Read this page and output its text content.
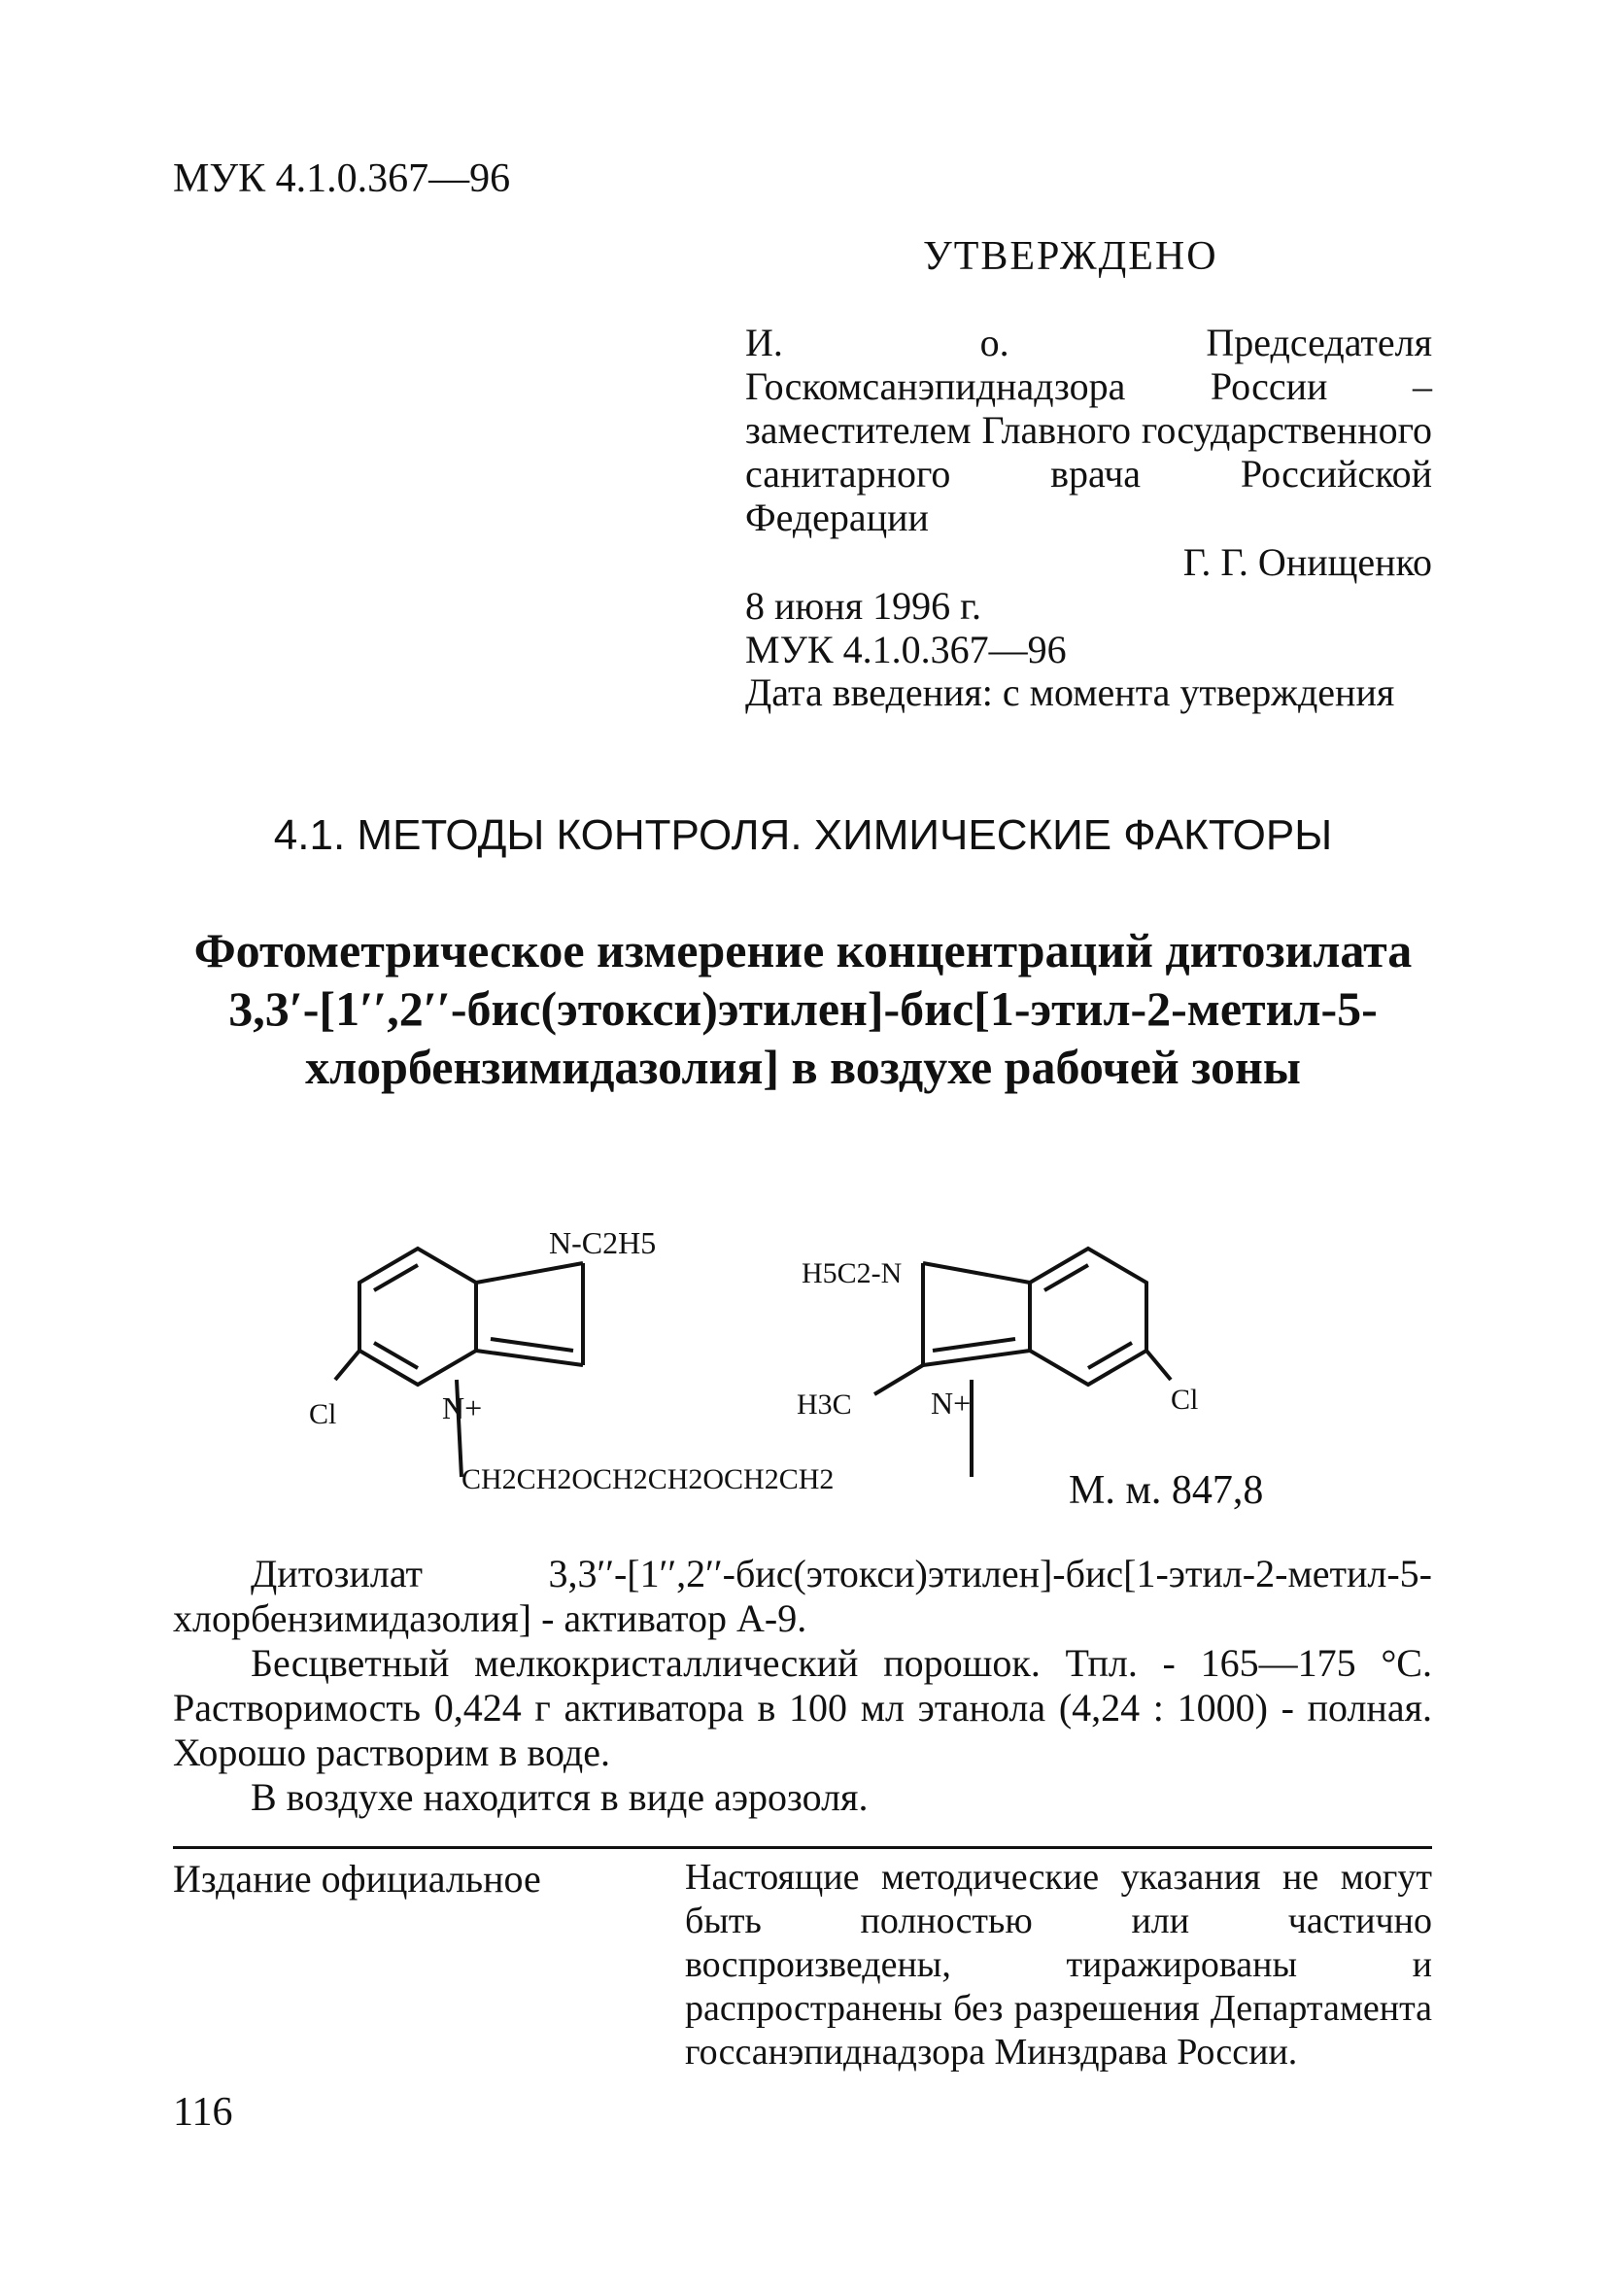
МУК 4.1.0.367—96
УТВЕРЖДЕНО
И. о. Председателя Госкомсанэпиднадзора России – заместителем Главного государственного санитарного врача Российской Федерации
Г. Г. Онищенко
8 июня 1996 г.
МУК 4.1.0.367—96
Дата введения: с момента утверждения
4.1. МЕТОДЫ КОНТРОЛЯ. ХИМИЧЕСКИЕ ФАКТОРЫ
Фотометрическое измерение концентраций дитозилата 3,3′-[1′′,2′′-бис(этокси)этилен]-бис[1-этил-2-метил-5-хлорбензимидазолия] в воздухе рабочей зоны
N-C2H5
H5C2-N
H3C
Cl	Cl
N+	N+
CH2CH2OCH2CH2OCH2CH2	М. м. 847,8

Дитозилат 3,3′′-[1′′,2′′-бис(этокси)этилен]-бис[1-этил-2-метил-5-хлорбензимидазолия] - активатор А-9.

Бесцветный мелкокристаллический порошок. Тпл. - 165—175 °С. Растворимость 0,424 г активатора в 100 мл этанола (4,24 : 1000) - полная. Хорошо растворим в воде.

В воздухе находится в виде аэрозоля.

Издание официальное	Настоящие методические указания не могут быть полностью или частично воспроизведены, тиражированы и распространены без разрешения Департамента госсанэпиднадзора Минздрава России.
116
